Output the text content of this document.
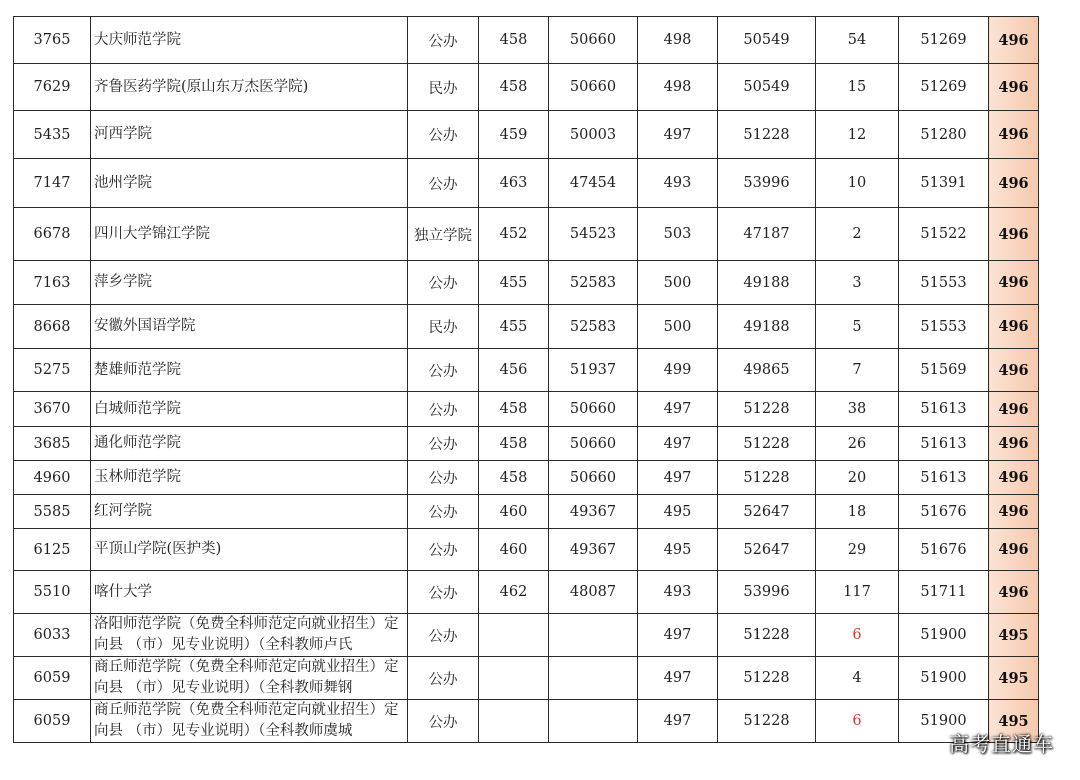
3765	大庆师范学院	公办	458	50660	498	50549	54	51269	496
7629	齐鲁医药学院(原山东万杰医学院)	民办	458	50660	498	50549	15	51269	496
5435	河西学院	公办	459	50003	497	51228	12	51280	496
7147	池州学院	公办	463	47454	493	53996	10	51391	496
6678	四川大学锦江学院	独立学院	452	54523	503	47187	2	51522	496
7163	萍乡学院	公办	455	52583	500	49188	3	51553	496
8668	安徽外国语学院	民办	455	52583	500	49188	5	51553	496
5275	楚雄师范学院	公办	456	51937	499	49865	7	51569	496
3670	白城师范学院	公办	458	50660	497	51228	38	51613	496
3685	通化师范学院	公办	458	50660	497	51228	26	51613	496
4960	玉林师范学院	公办	458	50660	497	51228	20	51613	496
5585	红河学院	公办	460	49367	495	52647	18	51676	496
6125	平顶山学院(医护类)	公办	460	49367	495	52647	29	51676	496
5510	喀什大学	公办	462	48087	493	53996	117	51711	496
6033	洛阳师范学院（免费全科师范定向就业招生）定向县 （市）见专业说明）（全科教师卢氏	公办			497	51228	6	51900	495
6059	商丘师范学院（免费全科师范定向就业招生）定向县 （市）见专业说明）（全科教师舞钢	公办			497	51228	4	51900	495
6059	商丘师范学院（免费全科师范定向就业招生）定向县 （市）见专业说明）（全科教师虞城	公办			497	51228	6	51900	495
高考直通车
